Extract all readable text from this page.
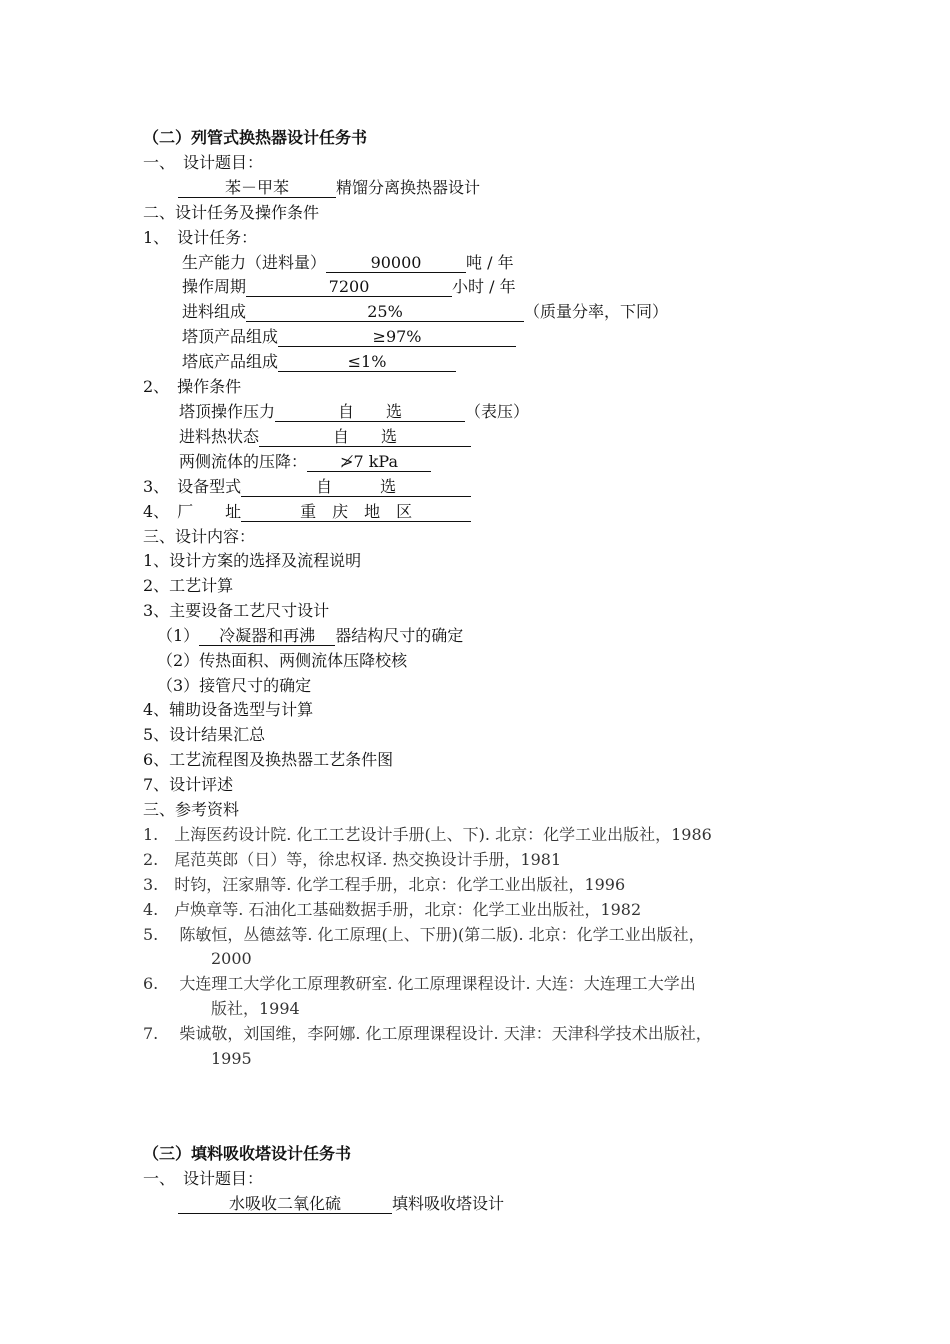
（二）列管式换热器设计任务书
一、　设计题目：
苯－甲苯	精馏分离换热器设计
二、设计任务及操作条件
1、　设计任务：
生产能力（进料量）	90000	吨 / 年
操作周期	7200	小时 / 年
进料组成	25%	（质量分率，下同）
塔顶产品组成	≥97%
塔底产品组成	≤1%
2、　操作条件
塔顶操作压力	自　　选	（表压）
进料热状态	自　　选
两侧流体的压降： ≯7 kPa
3、　设备型式	自　　　选
4、　厂　　址	重　庆　地　区
三、设计内容：
1、设计方案的选择及流程说明
2、工艺计算
3、主要设备工艺尺寸设计
（1） 冷凝器和再沸 器结构尺寸的确定
（2）传热面积、两侧流体压降校核
（3）接管尺寸的确定
4、辅助设备选型与计算
5、设计结果汇总
6、工艺流程图及换热器工艺条件图
7、设计评述
三、参考资料
1.　上海医药设计院. 化工工艺设计手册(上、下). 北京：化学工业出版社，1986
2.　尾范英郎（日）等，徐忠权译. 热交换设计手册，1981
3.　时钧，汪家鼎等. 化学工程手册，北京：化学工业出版社，1996
4.　卢焕章等. 石油化工基础数据手册，北京：化学工业出版社，1982
5.　 陈敏恒，丛德兹等. 化工原理(上、下册)(第二版). 北京：化学工业出版社，
2000
6.　 大连理工大学化工原理教研室. 化工原理课程设计. 大连：大连理工大学出
版社，1994
7.　 柴诚敬，刘国维，李阿娜. 化工原理课程设计. 天津：天津科学技术出版社，
1995
（三）填料吸收塔设计任务书
一、　设计题目：
水吸收二氧化硫	填料吸收塔设计
